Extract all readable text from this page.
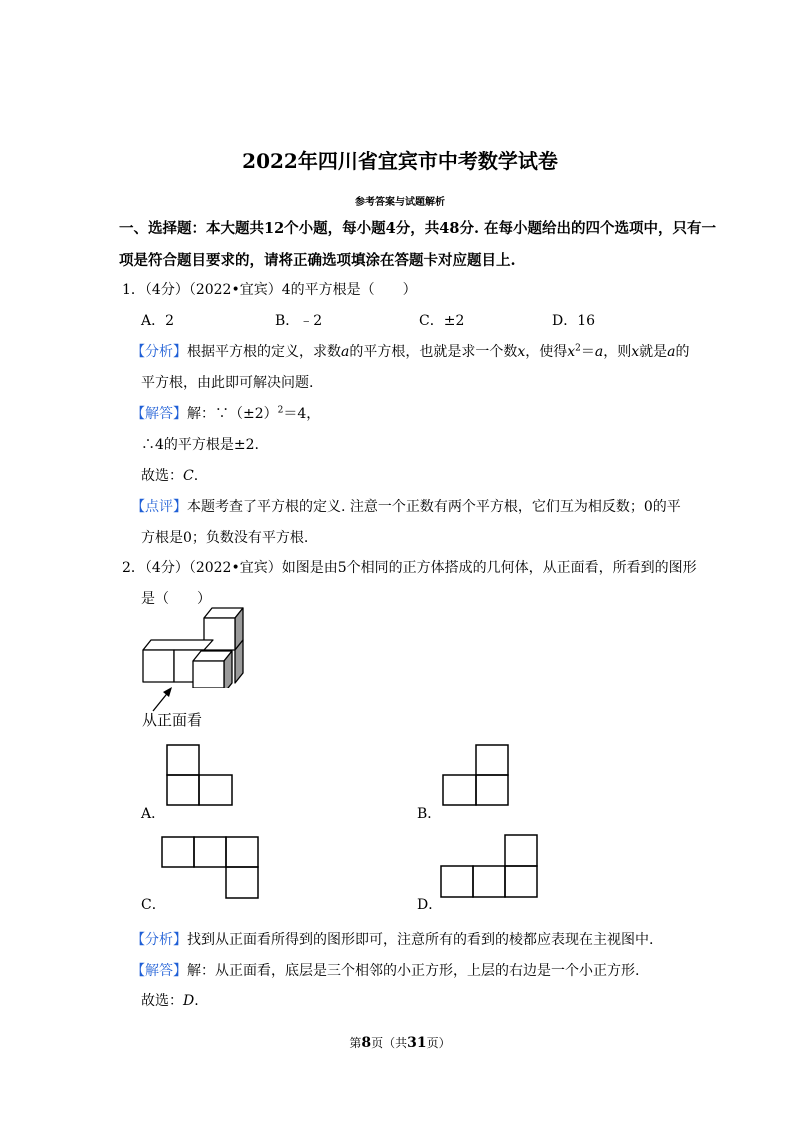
2022年四川省宜宾市中考数学试卷
参考答案与试题解析
一、选择题：本大题共12个小题，每小题4分，共48分. 在每小题给出的四个选项中，只有一
项是符合题目要求的，请将正确选项填涂在答题卡对应题目上.
1．（4分）（2022•宜宾）4的平方根是（　　）
A．2	B．﹣2	C．±2	D．16
【分析】根据平方根的定义，求数a的平方根，也就是求一个数x，使得$x^2=a$，则x就是a的
平方根，由此即可解决问题.
【解答】解：$\because(\pm 2)^2=4$，
∴4的平方根是±2.
故选：C.
【点评】本题考查了平方根的定义. 注意一个正数有两个平方根，它们互为相反数；0的平
方根是0；负数没有平方根.
2．（4分）（2022•宜宾）如图是由5个相同的正方体搭成的几何体，从正面看，所看到的图形
是（　　）
从正面看
A．	B．
C．	D．
【分析】找到从正面看所得到的图形即可，注意所有的看到的棱都应表现在主视图中.
【解答】解：从正面看，底层是三个相邻的小正方形，上层的右边是一个小正方形.
故选：D.
第8页（共31页）
